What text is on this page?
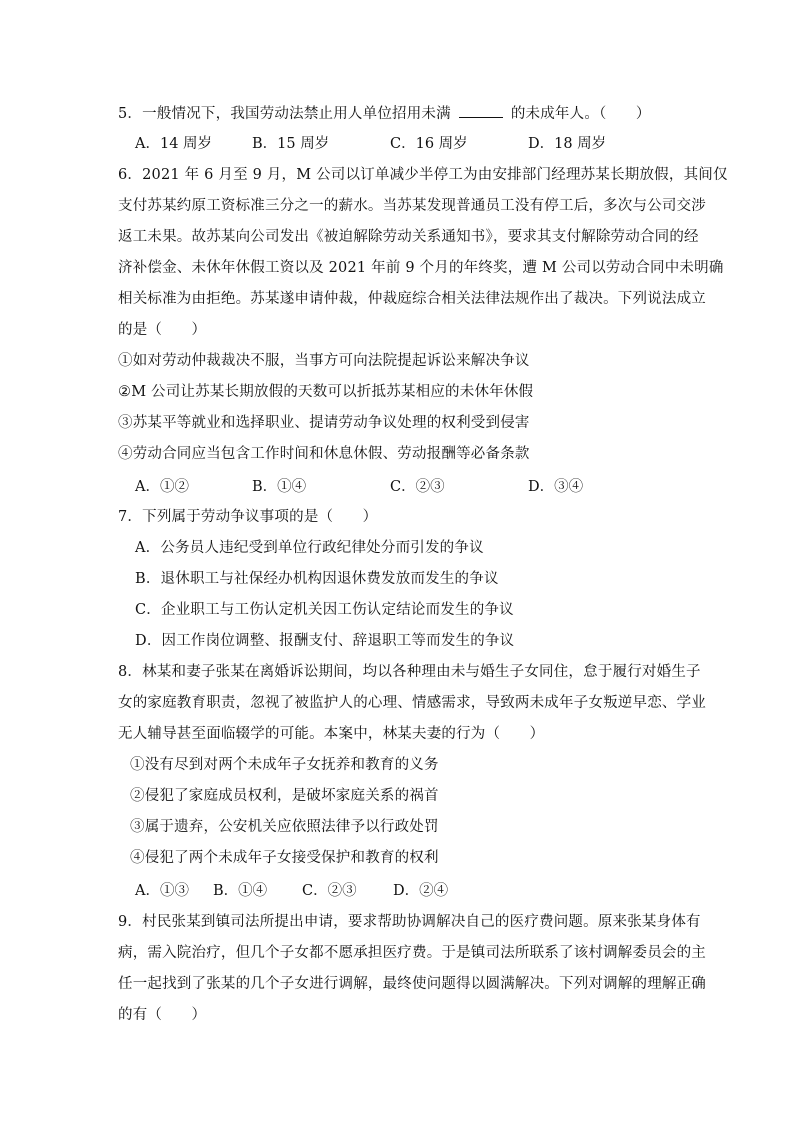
5．一般情况下，我国劳动法禁止用人单位招用未满	的未成年人。（　　）
A．14 周岁	B．15 周岁	C．16 周岁	D．18 周岁
6．2021 年 6 月至 9 月，M 公司以订单减少半停工为由安排部门经理苏某长期放假，其间仅
支付苏某约原工资标准三分之一的薪水。当苏某发现普通员工没有停工后，多次与公司交涉
返工未果。故苏某向公司发出《被迫解除劳动关系通知书》，要求其支付解除劳动合同的经
济补偿金、未休年休假工资以及 2021 年前 9 个月的年终奖，遭 M 公司以劳动合同中未明确
相关标准为由拒绝。苏某遂申请仲裁，仲裁庭综合相关法律法规作出了裁决。下列说法成立
的是（　　）
①如对劳动仲裁裁决不服，当事方可向法院提起诉讼来解决争议
②M 公司让苏某长期放假的天数可以折抵苏某相应的未休年休假
③苏某平等就业和选择职业、提请劳动争议处理的权利受到侵害
④劳动合同应当包含工作时间和休息休假、劳动报酬等必备条款
A．①②	B．①④	C．②③	D．③④
7．下列属于劳动争议事项的是（　　）
A．公务员人违纪受到单位行政纪律处分而引发的争议
B．退休职工与社保经办机构因退休费发放而发生的争议
C．企业职工与工伤认定机关因工伤认定结论而发生的争议
D．因工作岗位调整、报酬支付、辞退职工等而发生的争议
8．林某和妻子张某在离婚诉讼期间，均以各种理由未与婚生子女同住，怠于履行对婚生子
女的家庭教育职责，忽视了被监护人的心理、情感需求，导致两未成年子女叛逆早恋、学业
无人辅导甚至面临辍学的可能。本案中，林某夫妻的行为（　　）
①没有尽到对两个未成年子女抚养和教育的义务
②侵犯了家庭成员权利，是破坏家庭关系的祸首
③属于遗弃，公安机关应依照法律予以行政处罚
④侵犯了两个未成年子女接受保护和教育的权利
A．①③ B．①④ C．②③	D．②④
9．村民张某到镇司法所提出申请，要求帮助协调解决自己的医疗费问题。原来张某身体有
病，需入院治疗，但几个子女都不愿承担医疗费。于是镇司法所联系了该村调解委员会的主
任一起找到了张某的几个子女进行调解，最终使问题得以圆满解决。下列对调解的理解正确
的有（　　）
